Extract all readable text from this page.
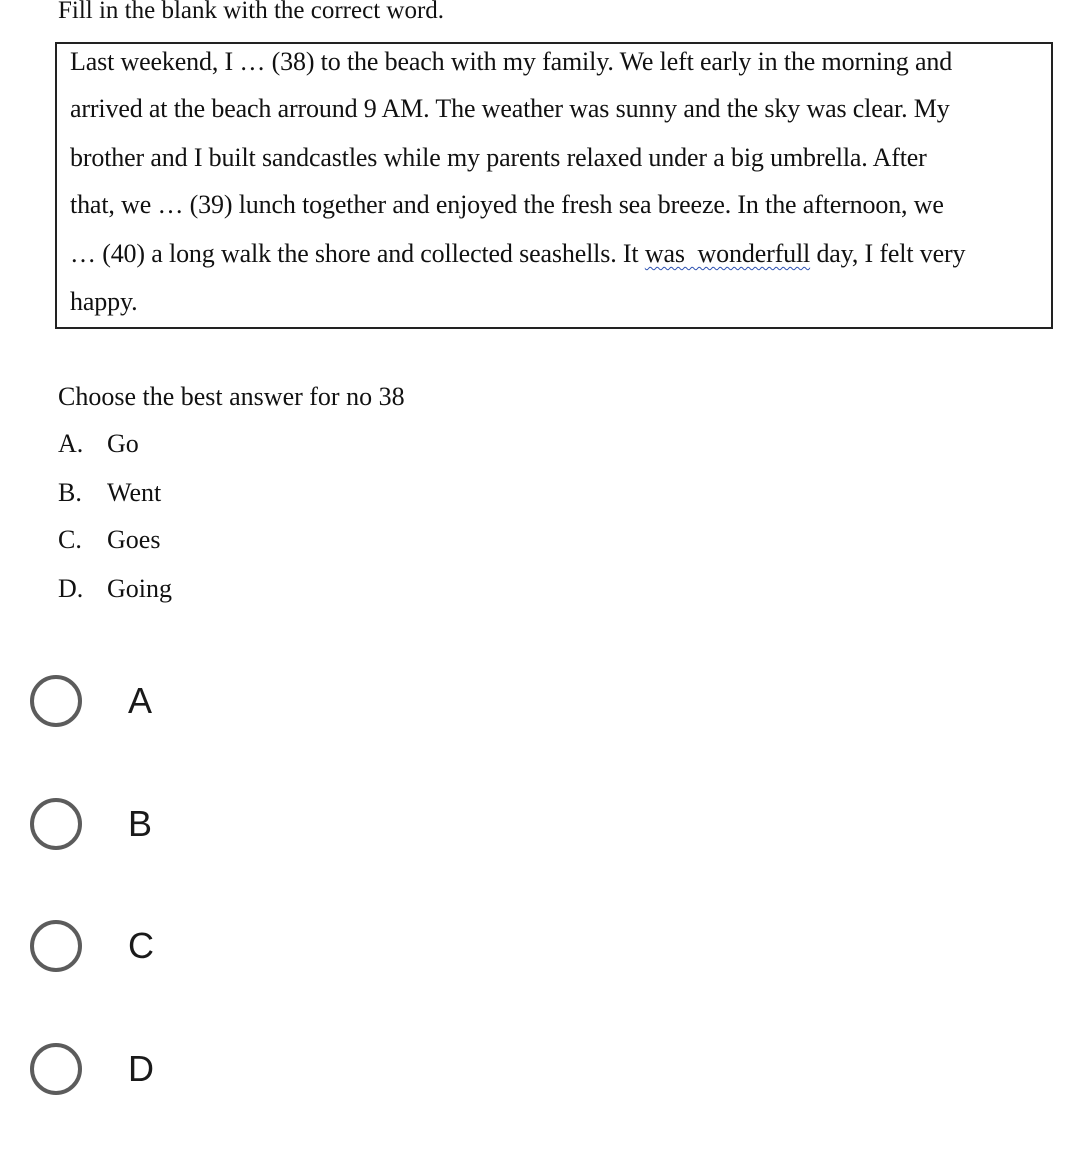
Fill in the blank with the correct word.
Last weekend, I … (38) to the beach with my family. We left early in the morning and
arrived at the beach arround 9 AM. The weather was sunny and the sky was clear. My
brother and I built sandcastles while my parents relaxed under a big umbrella. After
that, we … (39) lunch together and enjoyed the fresh sea breeze. In the afternoon, we
… (40) a long walk the shore and collected seashells. It was  wonderfull day, I felt very
happy.
Choose the best answer for no 38
A. Go
B. Went
C. Goes
D. Going
A
B
C
D
